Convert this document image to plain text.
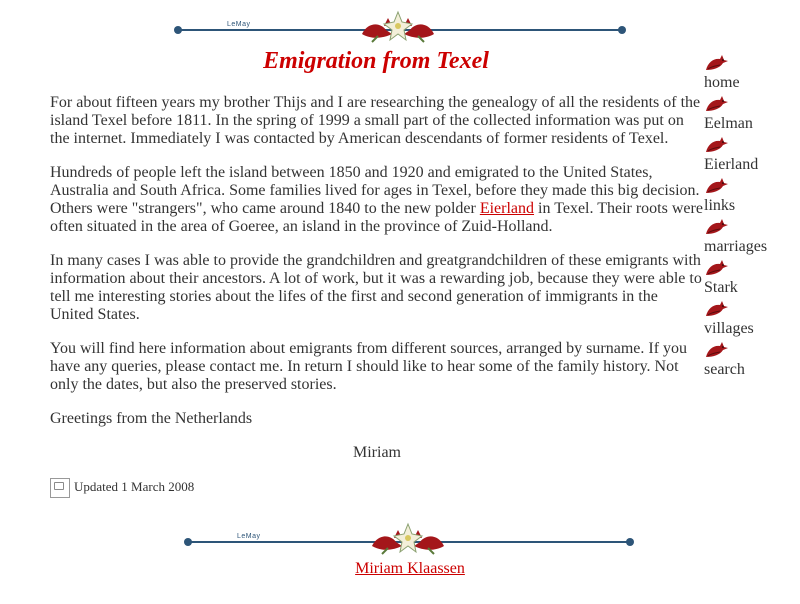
LeMay
Emigration from Texel

For about fifteen years my brother Thijs and I are researching the genealogy of all the residents of the island Texel before 1811. In the spring of 1999 a small part of the collected information was put on the internet. Immediately I was contacted by American descendants of former residents of Texel.

Hundreds of people left the island between 1850 and 1920 and emigrated to the United States, Australia and South Africa. Some families lived for ages in Texel, before they made this big decision. Others were "strangers", who came around 1840 to the new polder Eierland in Texel. Their roots were often situated in the area of Goeree, an island in the province of Zuid-Holland.

In many cases I was able to provide the grandchildren and greatgrandchildren of these emigrants with information about their ancestors. A lot of work, but it was a rewarding job, because they were able to tell me interesting stories about the lifes of the first and second generation of immigrants in the United States.

You will find here information about emigrants from different sources, arranged by surname. If you have any queries, please contact me. In return I should like to hear some of the family history. Not only the dates, but also the preserved stories.

Greetings from the Netherlands

Miriam

Updated 1 March 2008
home
Eelman
Eierland
links
marriages
Stark
villages
search
LeMay
Miriam Klaassen
